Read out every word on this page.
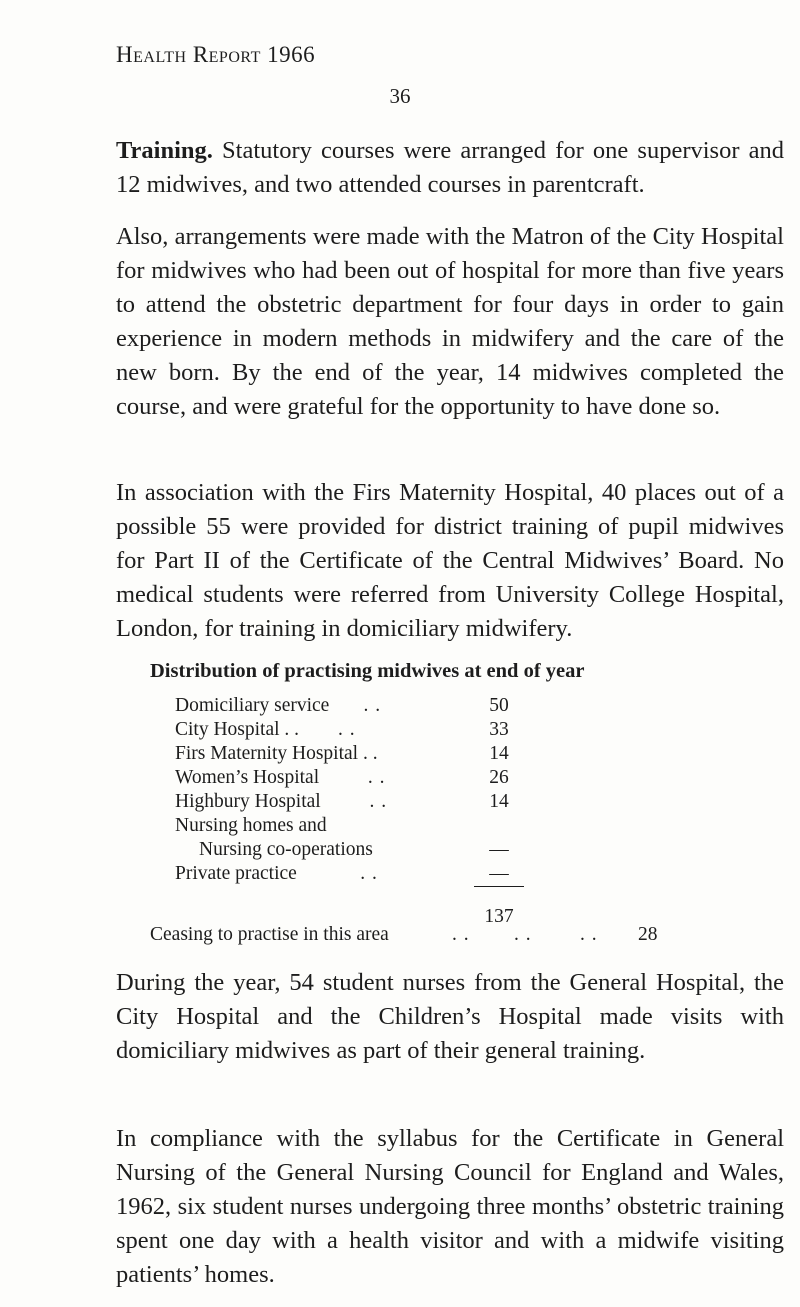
Health Report 1966
36

Training. Statutory courses were arranged for one supervisor and 12 midwives, and two attended courses in parentcraft.

Also, arrangements were made with the Matron of the City Hospital for midwives who had been out of hospital for more than five years to attend the obstetric department for four days in order to gain experience in modern methods in midwifery and the care of the new born. By the end of the year, 14 midwives completed the course, and were grateful for the opportunity to have done so.

In association with the Firs Maternity Hospital, 40 places out of a possible 55 were provided for district training of pupil midwives for Part II of the Certificate of the Central Midwives’ Board. No medical students were referred from University College Hospital, London, for training in domiciliary midwifery.

Distribution of practising midwives at end of year

Domiciliary service . .	50
City Hospital . . . .	33
Firs Maternity Hospital . .	14
Women’s Hospital . .	26
Highbury Hospital . .	14
Nursing homes and	
Nursing co-operations	—
Private practice . .	—
	137
Ceasing to practise in this area	. . . . . . 28

During the year, 54 student nurses from the General Hospital, the City Hospital and the Children’s Hospital made visits with domiciliary midwives as part of their general training.

In compliance with the syllabus for the Certificate in General Nursing of the General Nursing Council for England and Wales, 1962, six student nurses undergoing three months’ obstetric training spent one day with a health visitor and with a midwife visiting patients’ homes.
